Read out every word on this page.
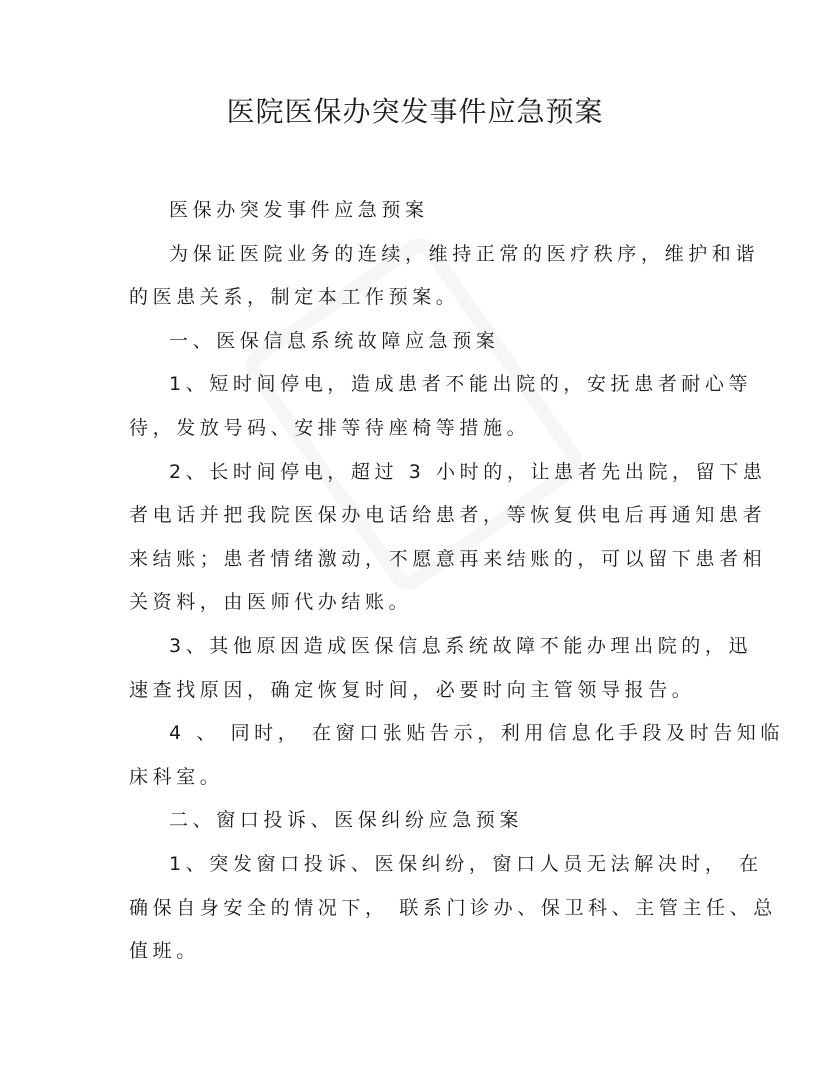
医院医保办突发事件应急预案
医保办突发事件应急预案
为保证医院业务的连续，维持正常的医疗秩序，维护和谐
的医患关系，制定本工作预案。
一、医保信息系统故障应急预案
1、短时间停电，造成患者不能出院的，安抚患者耐心等
待，发放号码、安排等待座椅等措施。
2、长时间停电，超过 3 小时的，让患者先出院，留下患
者电话并把我院医保办电话给患者，等恢复供电后再通知患者
来结账；患者情绪激动，不愿意再来结账的，可以留下患者相
关资料，由医师代办结账。
3、其他原因造成医保信息系统故障不能办理出院的，迅
速查找原因，确定恢复时间，必要时向主管领导报告。
4 、 同时， 在窗口张贴告示，利用信息化手段及时告知临
床科室。
二、窗口投诉、医保纠纷应急预案
1、突发窗口投诉、医保纠纷，窗口人员无法解决时， 在
确保自身安全的情况下， 联系门诊办、保卫科、主管主任、总
值班。
